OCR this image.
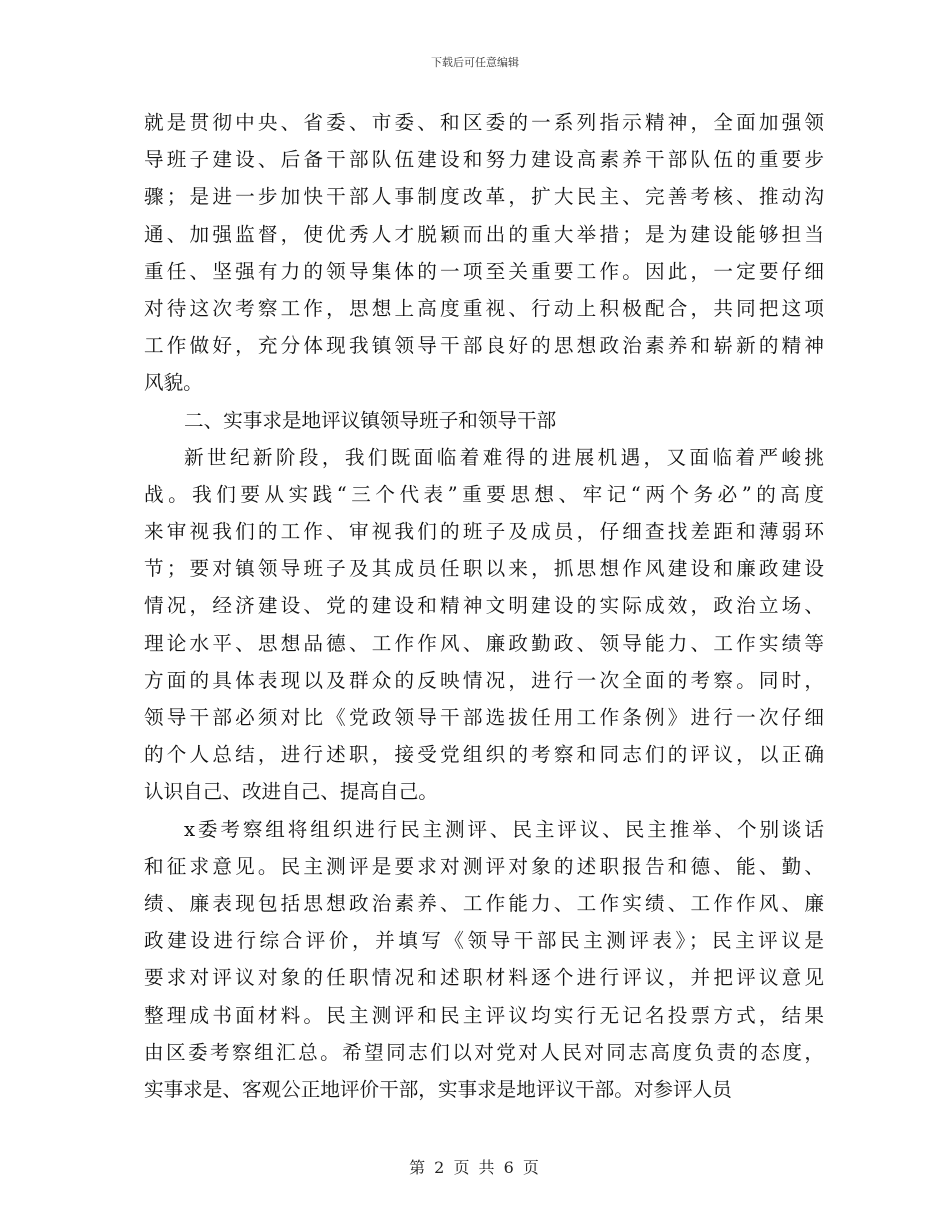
下载后可任意编辑
就是贯彻中央、省委、市委、和区委的一系列指示精神，全面加强领
导班子建设、后备干部队伍建设和努力建设高素养干部队伍的重要步
骤；是进一步加快干部人事制度改革，扩大民主、完善考核、推动沟
通、加强监督，使优秀人才脱颖而出的重大举措；是为建设能够担当
重任、坚强有力的领导集体的一项至关重要工作。因此，一定要仔细
对待这次考察工作，思想上高度重视、行动上积极配合，共同把这项
工作做好，充分体现我镇领导干部良好的思想政治素养和崭新的精神
风貌。
二、实事求是地评议镇领导班子和领导干部
新世纪新阶段，我们既面临着难得的进展机遇，又面临着严峻挑
战。我们要从实践“三个代表”重要思想、牢记“两个务必”的高度
来审视我们的工作、审视我们的班子及成员，仔细查找差距和薄弱环
节；要对镇领导班子及其成员任职以来，抓思想作风建设和廉政建设
情况，经济建设、党的建设和精神文明建设的实际成效，政治立场、
理论水平、思想品德、工作作风、廉政勤政、领导能力、工作实绩等
方面的具体表现以及群众的反映情况，进行一次全面的考察。同时，
领导干部必须对比《党政领导干部选拔任用工作条例》进行一次仔细
的个人总结，进行述职，接受党组织的考察和同志们的评议，以正确
认识自己、改进自己、提高自己。
x委考察组将组织进行民主测评、民主评议、民主推举、个别谈话
和征求意见。民主测评是要求对测评对象的述职报告和德、能、勤、
绩、廉表现包括思想政治素养、工作能力、工作实绩、工作作风、廉
政建设进行综合评价，并填写《领导干部民主测评表》；民主评议是
要求对评议对象的任职情况和述职材料逐个进行评议，并把评议意见
整理成书面材料。民主测评和民主评议均实行无记名投票方式，结果
由区委考察组汇总。希望同志们以对党对人民对同志高度负责的态度，
实事求是、客观公正地评价干部，实事求是地评议干部。对参评人员
第 2 页 共 6 页
